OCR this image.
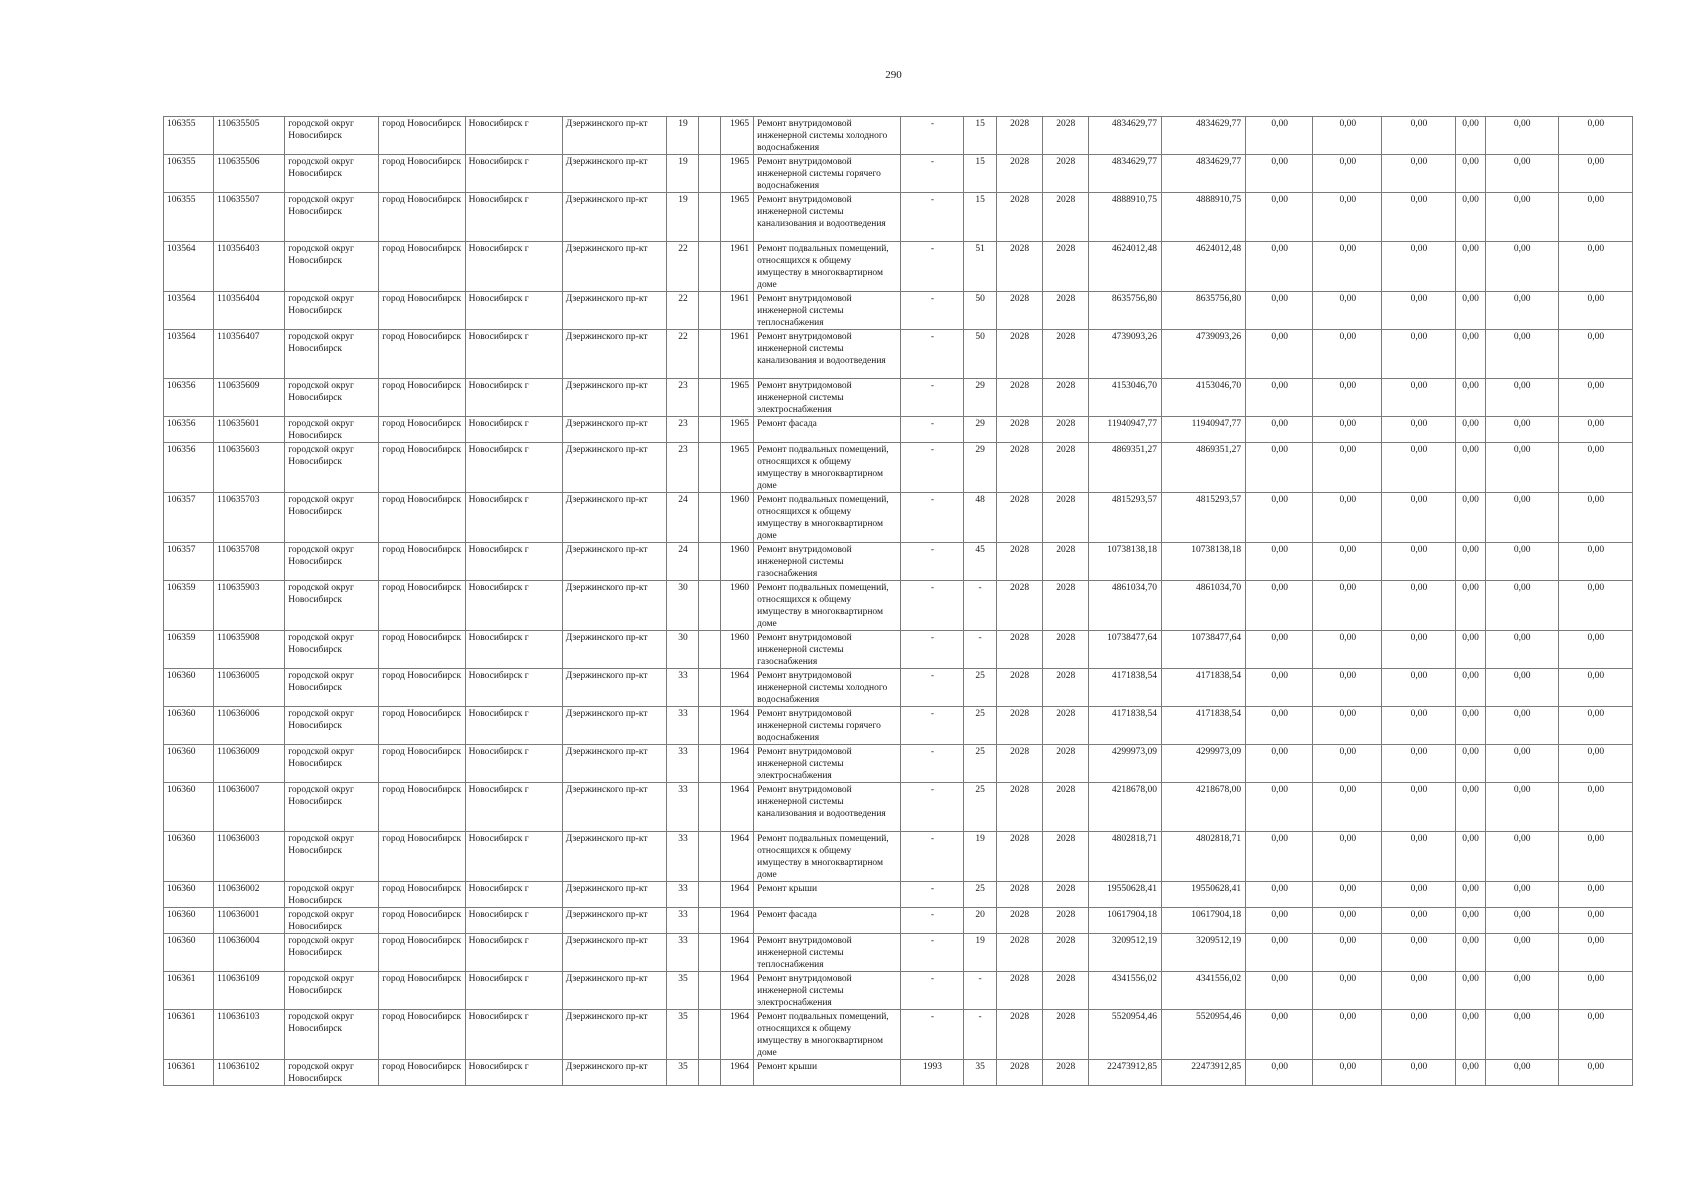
290
106355	110635505	городской округ Новосибирск	город Новосибирск	Новосибирск г	Дзержинского пр-кт	19		1965	Ремонт внутридомовой инженерной системы холодного водоснабжения	-	15	2028	2028	4834629,77	4834629,77	0,00	0,00	0,00	0,00	0,00	0,00
106355	110635506	городской округ Новосибирск	город Новосибирск	Новосибирск г	Дзержинского пр-кт	19		1965	Ремонт внутридомовой инженерной системы горячего водоснабжения	-	15	2028	2028	4834629,77	4834629,77	0,00	0,00	0,00	0,00	0,00	0,00
106355	110635507	городской округ Новосибирск	город Новосибирск	Новосибирск г	Дзержинского пр-кт	19		1965	Ремонт внутридомовой инженерной системы канализования и водоотведения	-	15	2028	2028	4888910,75	4888910,75	0,00	0,00	0,00	0,00	0,00	0,00
103564	110356403	городской округ Новосибирск	город Новосибирск	Новосибирск г	Дзержинского пр-кт	22		1961	Ремонт подвальных помещений, относящихся к общему имуществу в многоквартирном доме	-	51	2028	2028	4624012,48	4624012,48	0,00	0,00	0,00	0,00	0,00	0,00
103564	110356404	городской округ Новосибирск	город Новосибирск	Новосибирск г	Дзержинского пр-кт	22		1961	Ремонт внутридомовой инженерной системы теплоснабжения	-	50	2028	2028	8635756,80	8635756,80	0,00	0,00	0,00	0,00	0,00	0,00
103564	110356407	городской округ Новосибирск	город Новосибирск	Новосибирск г	Дзержинского пр-кт	22		1961	Ремонт внутридомовой инженерной системы канализования и водоотведения	-	50	2028	2028	4739093,26	4739093,26	0,00	0,00	0,00	0,00	0,00	0,00
106356	110635609	городской округ Новосибирск	город Новосибирск	Новосибирск г	Дзержинского пр-кт	23		1965	Ремонт внутридомовой инженерной системы электроснабжения	-	29	2028	2028	4153046,70	4153046,70	0,00	0,00	0,00	0,00	0,00	0,00
106356	110635601	городской округ Новосибирск	город Новосибирск	Новосибирск г	Дзержинского пр-кт	23		1965	Ремонт фасада	-	29	2028	2028	11940947,77	11940947,77	0,00	0,00	0,00	0,00	0,00	0,00
106356	110635603	городской округ Новосибирск	город Новосибирск	Новосибирск г	Дзержинского пр-кт	23		1965	Ремонт подвальных помещений, относящихся к общему имуществу в многоквартирном доме	-	29	2028	2028	4869351,27	4869351,27	0,00	0,00	0,00	0,00	0,00	0,00
106357	110635703	городской округ Новосибирск	город Новосибирск	Новосибирск г	Дзержинского пр-кт	24		1960	Ремонт подвальных помещений, относящихся к общему имуществу в многоквартирном доме	-	48	2028	2028	4815293,57	4815293,57	0,00	0,00	0,00	0,00	0,00	0,00
106357	110635708	городской округ Новосибирск	город Новосибирск	Новосибирск г	Дзержинского пр-кт	24		1960	Ремонт внутридомовой инженерной системы газоснабжения	-	45	2028	2028	10738138,18	10738138,18	0,00	0,00	0,00	0,00	0,00	0,00
106359	110635903	городской округ Новосибирск	город Новосибирск	Новосибирск г	Дзержинского пр-кт	30		1960	Ремонт подвальных помещений, относящихся к общему имуществу в многоквартирном доме	-	-	2028	2028	4861034,70	4861034,70	0,00	0,00	0,00	0,00	0,00	0,00
106359	110635908	городской округ Новосибирск	город Новосибирск	Новосибирск г	Дзержинского пр-кт	30		1960	Ремонт внутридомовой инженерной системы газоснабжения	-	-	2028	2028	10738477,64	10738477,64	0,00	0,00	0,00	0,00	0,00	0,00
106360	110636005	городской округ Новосибирск	город Новосибирск	Новосибирск г	Дзержинского пр-кт	33		1964	Ремонт внутридомовой инженерной системы холодного водоснабжения	-	25	2028	2028	4171838,54	4171838,54	0,00	0,00	0,00	0,00	0,00	0,00
106360	110636006	городской округ Новосибирск	город Новосибирск	Новосибирск г	Дзержинского пр-кт	33		1964	Ремонт внутридомовой инженерной системы горячего водоснабжения	-	25	2028	2028	4171838,54	4171838,54	0,00	0,00	0,00	0,00	0,00	0,00
106360	110636009	городской округ Новосибирск	город Новосибирск	Новосибирск г	Дзержинского пр-кт	33		1964	Ремонт внутридомовой инженерной системы электроснабжения	-	25	2028	2028	4299973,09	4299973,09	0,00	0,00	0,00	0,00	0,00	0,00
106360	110636007	городской округ Новосибирск	город Новосибирск	Новосибирск г	Дзержинского пр-кт	33		1964	Ремонт внутридомовой инженерной системы канализования и водоотведения	-	25	2028	2028	4218678,00	4218678,00	0,00	0,00	0,00	0,00	0,00	0,00
106360	110636003	городской округ Новосибирск	город Новосибирск	Новосибирск г	Дзержинского пр-кт	33		1964	Ремонт подвальных помещений, относящихся к общему имуществу в многоквартирном доме	-	19	2028	2028	4802818,71	4802818,71	0,00	0,00	0,00	0,00	0,00	0,00
106360	110636002	городской округ Новосибирск	город Новосибирск	Новосибирск г	Дзержинского пр-кт	33		1964	Ремонт крыши	-	25	2028	2028	19550628,41	19550628,41	0,00	0,00	0,00	0,00	0,00	0,00
106360	110636001	городской округ Новосибирск	город Новосибирск	Новосибирск г	Дзержинского пр-кт	33		1964	Ремонт фасада	-	20	2028	2028	10617904,18	10617904,18	0,00	0,00	0,00	0,00	0,00	0,00
106360	110636004	городской округ Новосибирск	город Новосибирск	Новосибирск г	Дзержинского пр-кт	33		1964	Ремонт внутридомовой инженерной системы теплоснабжения	-	19	2028	2028	3209512,19	3209512,19	0,00	0,00	0,00	0,00	0,00	0,00
106361	110636109	городской округ Новосибирск	город Новосибирск	Новосибирск г	Дзержинского пр-кт	35		1964	Ремонт внутридомовой инженерной системы электроснабжения	-	-	2028	2028	4341556,02	4341556,02	0,00	0,00	0,00	0,00	0,00	0,00
106361	110636103	городской округ Новосибирск	город Новосибирск	Новосибирск г	Дзержинского пр-кт	35		1964	Ремонт подвальных помещений, относящихся к общему имуществу в многоквартирном доме	-	-	2028	2028	5520954,46	5520954,46	0,00	0,00	0,00	0,00	0,00	0,00
106361	110636102	городской округ Новосибирск	город Новосибирск	Новосибирск г	Дзержинского пр-кт	35		1964	Ремонт крыши	1993	35	2028	2028	22473912,85	22473912,85	0,00	0,00	0,00	0,00	0,00	0,00
